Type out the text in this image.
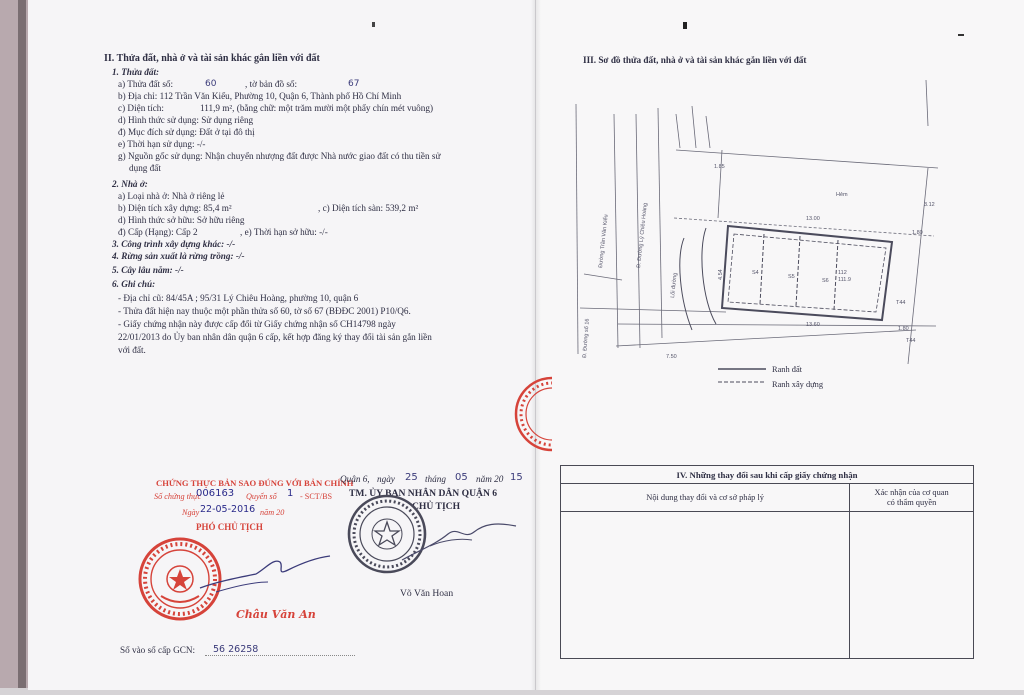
II. Thửa đất, nhà ở và tài sản khác gắn liền với đất
1. Thửa đất:
a) Thửa đất số:	60	, tờ bản đồ số:	67
b) Địa chỉ: 112 Trần Văn Kiểu, Phường 10, Quận 6, Thành phố Hồ Chí Minh
c) Diện tích:	111,9 m², (bằng chữ: một trăm mười một phẩy chín mét vuông)
d) Hình thức sử dụng: Sử dụng riêng
đ) Mục đích sử dụng: Đất ở tại đô thị
e) Thời hạn sử dụng: -/-
g) Nguồn gốc sử dụng: Nhận chuyển nhượng đất được Nhà nước giao đất có thu tiền sử
dụng đất
2. Nhà ở:
a) Loại nhà ở: Nhà ở riêng lẻ
b) Diện tích xây dựng: 85,4 m²	, c) Diện tích sàn: 539,2 m²
d) Hình thức sở hữu: Sở hữu riêng
đ) Cấp (Hạng): Cấp 2	, e) Thời hạn sở hữu: -/-
3. Công trình xây dựng khác: -/-
4. Rừng sản xuất là rừng trồng: -/-
5. Cây lâu năm: -/-
6. Ghi chú:
- Địa chỉ cũ: 84/45A ; 95/31 Lý Chiêu Hoàng, phường 10, quận 6
- Thửa đất hiện nay thuộc một phần thửa số 60, tờ số 67 (BĐĐC 2001) P10/Q6.
- Giấy chứng nhận này được cấp đổi từ Giấy chứng nhận số CH14798 ngày
22/01/2013 do Ủy ban nhân dân quận 6 cấp, kết hợp đăng ký thay đổi tài sản gắn liền
với đất.
CHỨNG THỰC BẢN SAO ĐÚNG VỚI BẢN CHÍNH
Số chứng thực
006163 Quyển số 1 - SCT/BS
Ngày 22-05-2016 năm 20
PHÓ CHỦ TỊCH
Châu Văn An
Quận 6, ngày 25 tháng 05 năm 20 15
TM. ỦY BAN NHÂN DÂN QUẬN 6
CHỦ TỊCH
Võ Văn Hoan
Số vào sổ cấp GCN: 56 26258
III. Sơ đồ thửa đất, nhà ở và tài sản khác gắn liền với đất
Hẻm
13.00
13.60
7.50
1.80
1.80
112
111.9
S4
S5
S6
T44
T44
1.85
3.12
4.54
Đường Trần Văn Kiểu	Đ. Đường Lý Chiêu Hoàng
Đ. Đường số 16
Lối đường
Ranh đất
Ranh xây dựng
IV. Những thay đổi sau khi cấp giấy chứng nhận	
Nội dung thay đổi và cơ sở pháp lý	Xác nhận của cơ quan
có thẩm quyền
